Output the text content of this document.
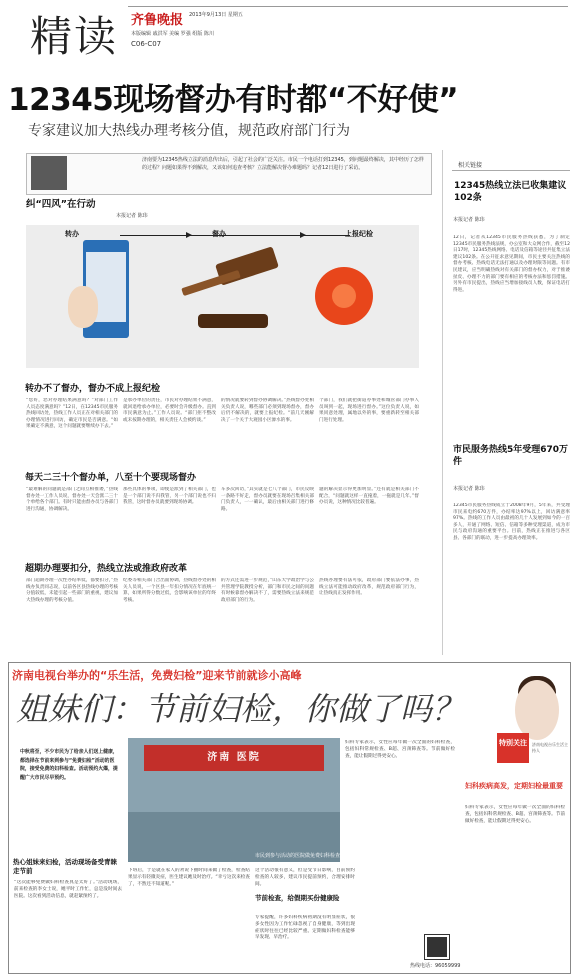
精读 齐鲁晚报 2013年9月13日 星期五
本版编辑 戚洪军 美编 罗强 组版 陈川
C06-C07
12345现场督办有时都“不好使”
专家建议加大热线办理考核分值，规范政府部门行为
济南要为12345热线立法的消息传出后，引起了社会的广泛关注。市民一个电话打到12345，到问题最终解决，其中经历了怎样的过程？问题如果得不到解决，又该如何追查考核？立法能解决督办难题吗？记者12日进行了采访。
纠“四风”在行动
本报记者 陈玮
转办	督办	上报纪检
转办不了督办，督办不成上报纪检
“您好，您对办理结果满意吗？”对部门工作人员态度满意吗？”12日，在12345市民服务热线回访处，热线工作人员正在对相关部门的办理情况进行回访，确定市民是否满意。“如果确定不满意，这个问题就要继续办下去。”
是承办单位的责任，市民对办理结果不满意，就回退给承办单位，必要时会升级督办。直到市民满意为止。”工作人员说。“部门拒不整改或未按期办理的，相关责任人会被约谈。”
的情况就要转到督办协调解决。”热线督办处相关负责人说，哪些部门必须到现场督办，督办后仍不解决的，就要上报纪检。“前几天刚解决了一个关于大观园小区渗水的事。
个部门，我们就把街道办事处和城管部门办事人员叫到一起，现场进行督办。”这位负责人说，如果同意处理，属地以外的事，要重新转至相关部门进行处理。
每天二三十个督办单，八至十个要现场督办
“最难解的问题就是部门之间互相推诿，”热线督办处一工作人员说，督办处一天会派二三十个单给各个部门。有时只能由督办员与各部门进行沟通，协调解决。
那些具体的事项，即使是派到了相关部门，也是一个部门说不归我管，另一个部门说也不归我管，这时督办员就要到现场协调。
车多次回访，”其实就是七八个部门，市民反映一条路不好走，督办员就要在现场召集相关部门负责人，一一确认，最后由相关部门进行修路。
题的解决显示得更加明显。”还有就是相关部门不配合，“问题就这样一直拖着，一拖就是几年。”督办员说，这种情况比较普遍。
超期办理要扣分，热线立法或推政府改革
部门超期办理一次性办结率低，都要扣分，”热线办负责同志说，以前各区县热线办理的考核分值较低，未能引起一些部门的重视，建议加大热线办理的考核分值。
纪委等相关部门合出面协调，热线督办处的相关人员说，一个区县一年扣分情况在年底统一算，如果所得分数过低，会影响该单位的年终考核。
的方式还需进一步规范，”山东大学政治学与公共管理学院教授分析，部门和市民之间的问题有时候靠督办解决不了，需要热线立法来规范政府部门的行为。
热线办理要有法可依，政府部门要依法办事，热线立法可能推动政府改革，规范政府部门行为，让热线真正发挥作用。
相关链接
12345热线立法已收集建议102条
本报记者 陈玮
12日，记者从12345市民服务热线获悉，为了制定12345市民服务热线法规，办公室和大众网合作，截至12日17时，12345热线网络、电话及信箱等途径共征集立法建议102条。在公开征求意见期间，市民主要关注热线的督办考核、热线电话无法打通以及办理时限等问题。有市民建议，应当明确热线对有关部门的督办权力，对于推诿扯皮、办理不力的部门要有相应的考核办法和惩罚措施。另外有市民提出，热线应当增加接线员人数，保证电话打得进。
市民服务热线5年受理670万件
本报记者 陈玮
12345市民服务热线成立于2008年9月，5年来，共受理市民来电约670万件，办结率达97%以上，回访满意率97%。热线的工作人员由最初的几十人发展到如今的一百多人，开通了网络、短信、信箱等多种受理渠道，成为市民与政府沟通的重要平台。目前，热线正在推进与各区县、各部门的联动，进一步提高办理效率。
济南电视台举办的“乐生活，免费妇检”迎来节前就诊小高峰
姐妹们：节前妇检，你做了吗？
中秋将至，不少市民为了给亲人们送上健康，都选择在节前来到参与“免费妇检”活动的医院，接受免费的妇科检查。活动预约火爆，提醒广大市民尽早预约。
济南 医院
市民到参与活动的医院做免费妇科检查
特别关注	济南电视台乐生活主持人
热心姐妹来妇检，活动现场备受青睐走节前
“这次能够免费做妇科检查真是太好了。”活动现场，前来检查的李女士说，她平时工作忙，总是没时间去医院。这次看到活动信息，就赶紧预约了。
下班后，于是就在家人的劝说下抽时间来做了检查，检查结果显示有轻微炎症，医生建议她及时治疗。“幸亏这次来检查了，不然还不知道呢。”
这个活动很有意义，但是受节日影响，目前预约检查的人较多，建议市民提前预约，合理安排时间。
节前检查，给假期买份健康险
专家提醒，许多妇科疾病初期没有明显症状，很多女性因为工作忙碌忽视了自身健康，等到出现症状时往往已经比较严重。定期做妇科检查能够早发现、早治疗。
妇科专家表示，女性应每年做一次全面的妇科检查，包括妇科常规检查、B超、宫颈筛查等。节前做好检查，能让假期过得更安心。
妇科疾病高发，定期妇检最重要
妇科专家表示，女性应每年做一次全面的妇科检查，包括妇科常规检查、B超、宫颈筛查等。节前做好检查，能让假期过得更安心。
热线电话：96059999
